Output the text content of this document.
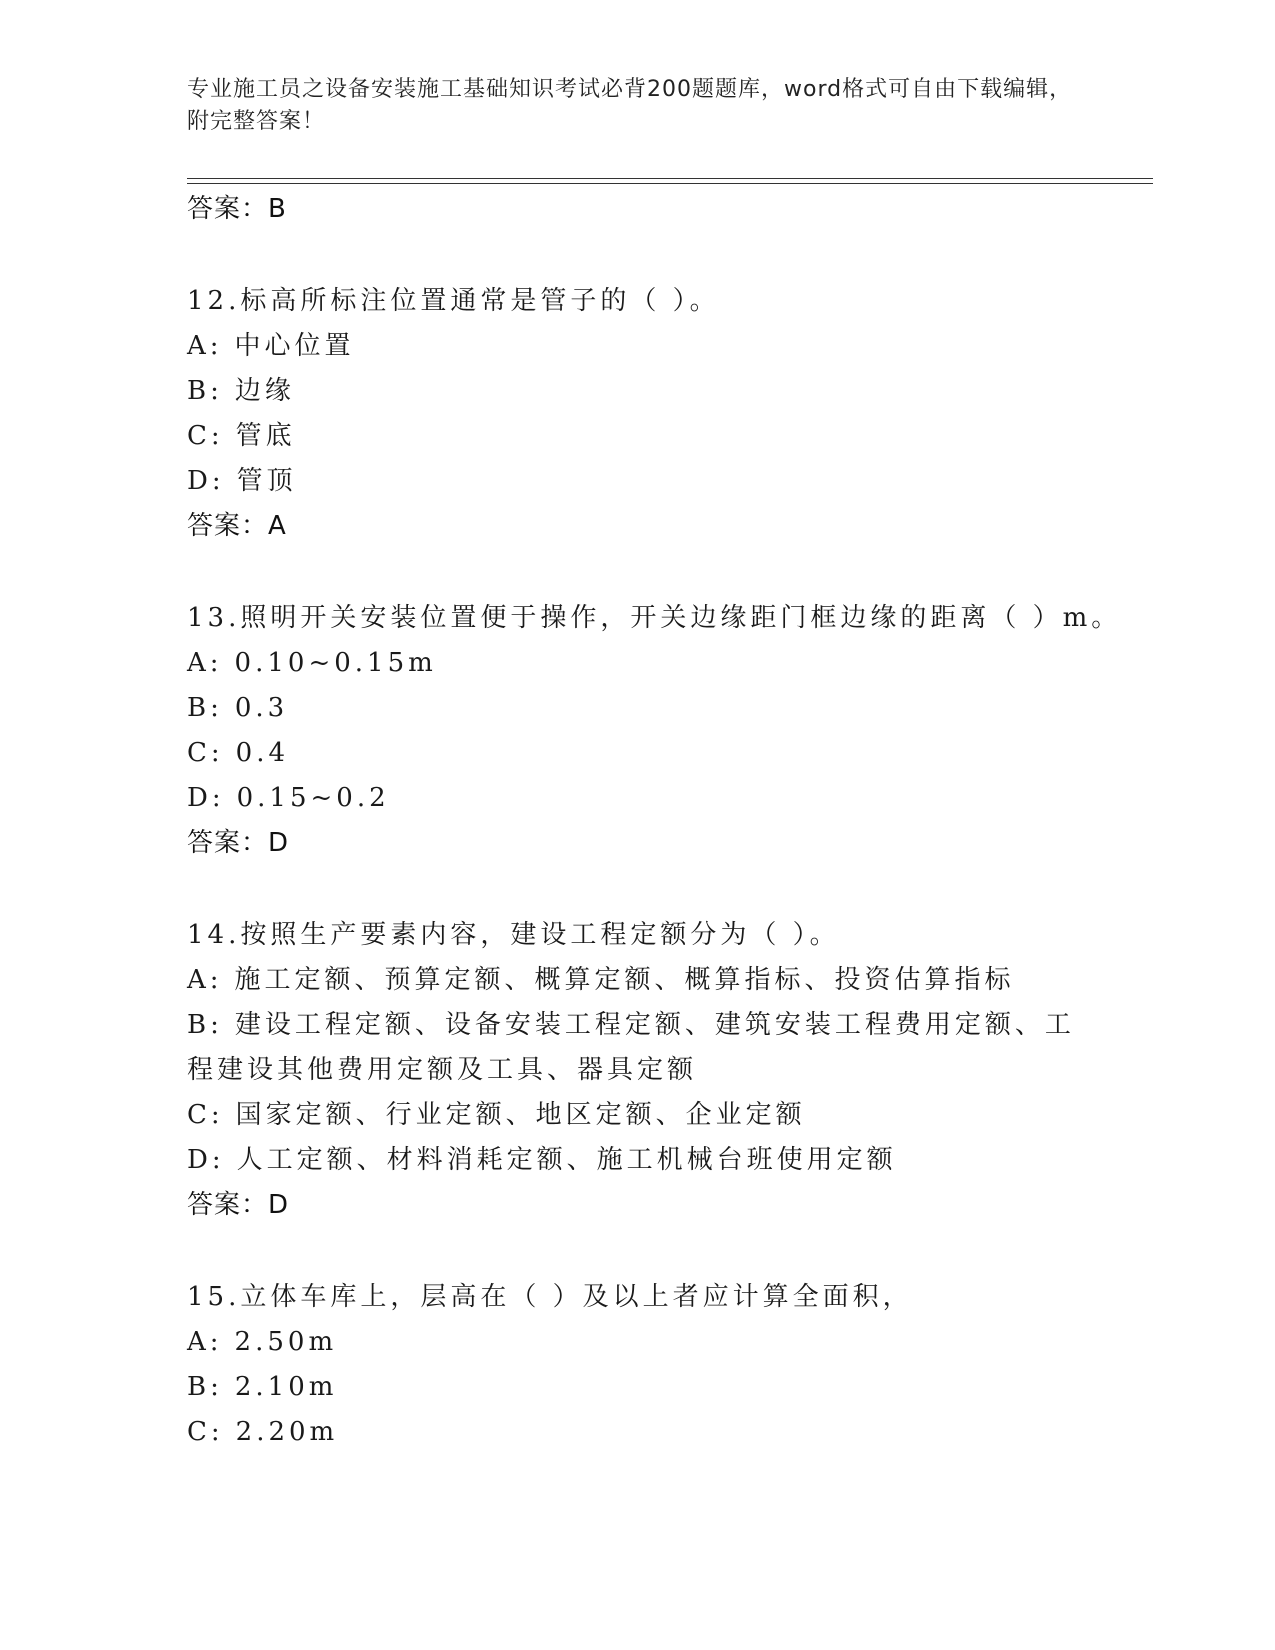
专业施工员之设备安装施工基础知识考试必背200题题库，word格式可自由下载编辑，附完整答案！
答案：B
12.标高所标注位置通常是管子的（ ）。
A: 中心位置
B: 边缘
C: 管底
D: 管顶
答案：A
13.照明开关安装位置便于操作，开关边缘距门框边缘的距离（ ）m。
A: 0.10~0.15m
B: 0.3
C: 0.4
D: 0.15~0.2
答案：D
14.按照生产要素内容，建设工程定额分为（ ）。
A: 施工定额、预算定额、概算定额、概算指标、投资估算指标
B: 建设工程定额、设备安装工程定额、建筑安装工程费用定额、工程建设其他费用定额及工具、器具定额
C: 国家定额、行业定额、地区定额、企业定额
D: 人工定额、材料消耗定额、施工机械台班使用定额
答案：D
15.立体车库上，层高在（ ）及以上者应计算全面积，
A: 2.50m
B: 2.10m
C: 2.20m
